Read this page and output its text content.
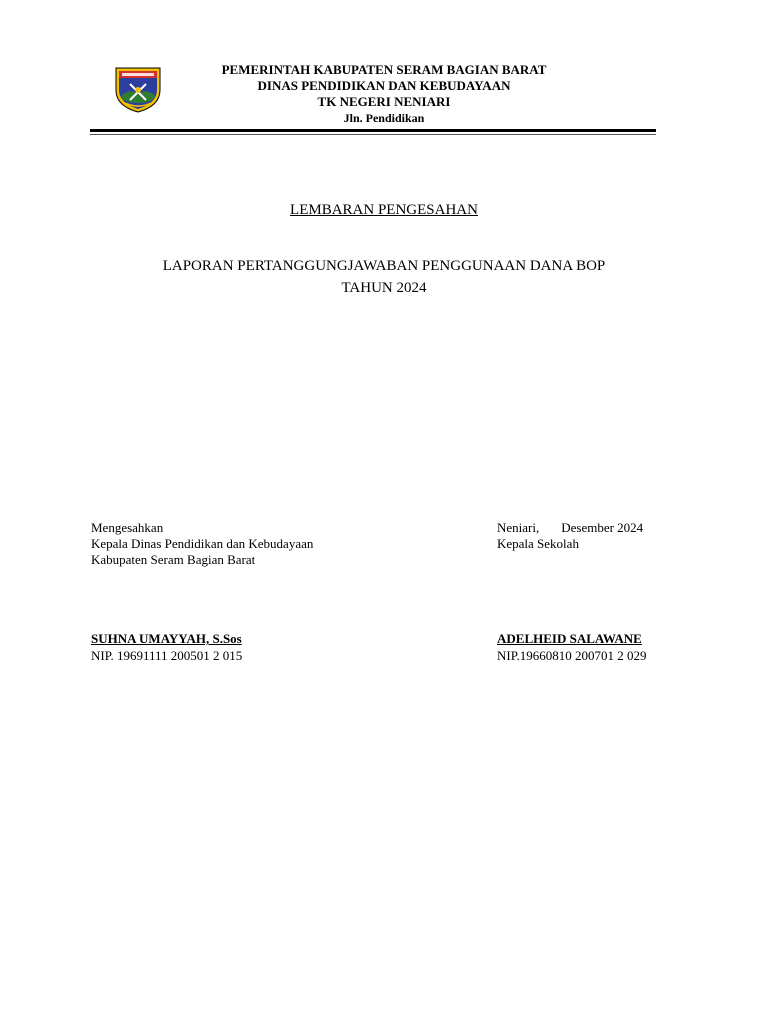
PEMERINTAH KABUPATEN SERAM BAGIAN BARAT
DINAS PENDIDIKAN DAN KEBUDAYAAN
TK NEGERI NENIARI
Jln. Pendidikan
LEMBARAN PENGESAHAN
LAPORAN PERTANGGUNGJAWABAN PENGGUNAAN DANA BOP
TAHUN 2024
Mengesahkan
Kepala Dinas Pendidikan dan Kebudayaan
Kabupaten Seram Bagian Barat
Neniari, Desember 2024
Kepala Sekolah
SUHNA UMAYYAH, S.Sos
NIP. 19691111 200501 2 015
ADELHEID SALAWANE
NIP.19660810 200701 2 029
